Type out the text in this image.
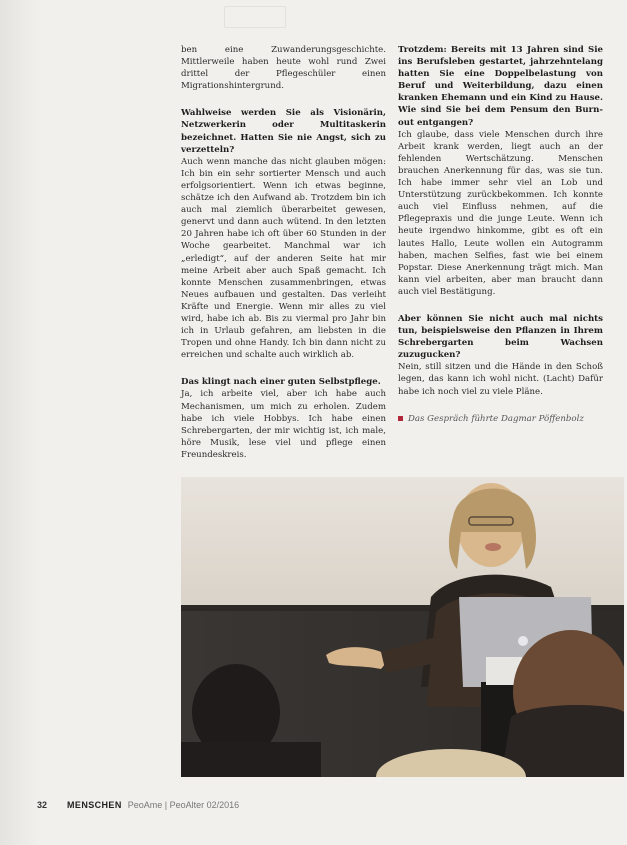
ben eine Zuwanderungsgeschichte. Mittlerweile haben heute wohl rund Zwei drittel der Pflegeschüler einen Migrationshintergrund.

Wahlweise werden Sie als Visionärin, Netzwerkerin oder Multitaskerin bezeichnet. Hatten Sie nie Angst, sich zu verzetteln?

Auch wenn manche das nicht glauben mögen: Ich bin ein sehr sortierter Mensch und auch erfolgsorientiert. Wenn ich etwas beginne, schätze ich den Aufwand ab. Trotzdem bin ich auch mal ziemlich überarbeitet gewesen, genervt und dann auch wütend. In den letzten 20 Jahren habe ich oft über 60 Stunden in der Woche gearbeitet. Manchmal war ich „erledigt“, auf der anderen Seite hat mir meine Arbeit aber auch Spaß gemacht. Ich konnte Menschen zusammenbringen, etwas Neues aufbauen und gestalten. Das verleiht Kräfte und Energie. Wenn mir alles zu viel wird, habe ich ab. Bis zu viermal pro Jahr bin ich in Urlaub gefahren, am liebsten in die Tropen und ohne Handy. Ich bin dann nicht zu erreichen und schalte auch wirklich ab.

Das klingt nach einer guten Selbstpflege.

Ja, ich arbeite viel, aber ich habe auch Mechanismen, um mich zu erholen. Zudem habe ich viele Hobbys. Ich habe einen Schrebergarten, der mir wichtig ist, ich male, höre Musik, lese viel und pflege einen Freundeskreis.

Trotzdem: Bereits mit 13 Jahren sind Sie ins Berufsleben gestartet, jahrzehntelang hatten Sie eine Doppelbelastung von Beruf und Weiterbildung, dazu einen kranken Ehemann und ein Kind zu Hause. Wie sind Sie bei dem Pensum den Burn-out entgangen?

Ich glaube, dass viele Menschen durch ihre Arbeit krank werden, liegt auch an der fehlenden Wertschätzung. Menschen brauchen Anerkennung für das, was sie tun. Ich habe immer sehr viel an Lob und Unterstützung zurückbekommen. Ich konnte auch viel Einfluss nehmen, auf die Pflegepraxis und die junge Leute. Wenn ich heute irgendwo hinkomme, gibt es oft ein lautes Hallo, Leute wollen ein Autogramm haben, machen Selfies, fast wie bei einem Popstar. Diese Anerkennung trägt mich. Man kann viel arbeiten, aber man braucht dann auch viel Bestätigung.

Aber können Sie nicht auch mal nichts tun, beispielsweise den Pflanzen in Ihrem Schrebergarten beim Wachsen zuzugucken?

Nein, still sitzen und die Hände in den Schoß legen, das kann ich wohl nicht. (Lacht) Dafür habe ich noch viel zu viele Pläne.

Das Gespräch führte Dagmar Pöffenbolz
32 MENSCHEN PeoAme | PeoAlter 02/2016
